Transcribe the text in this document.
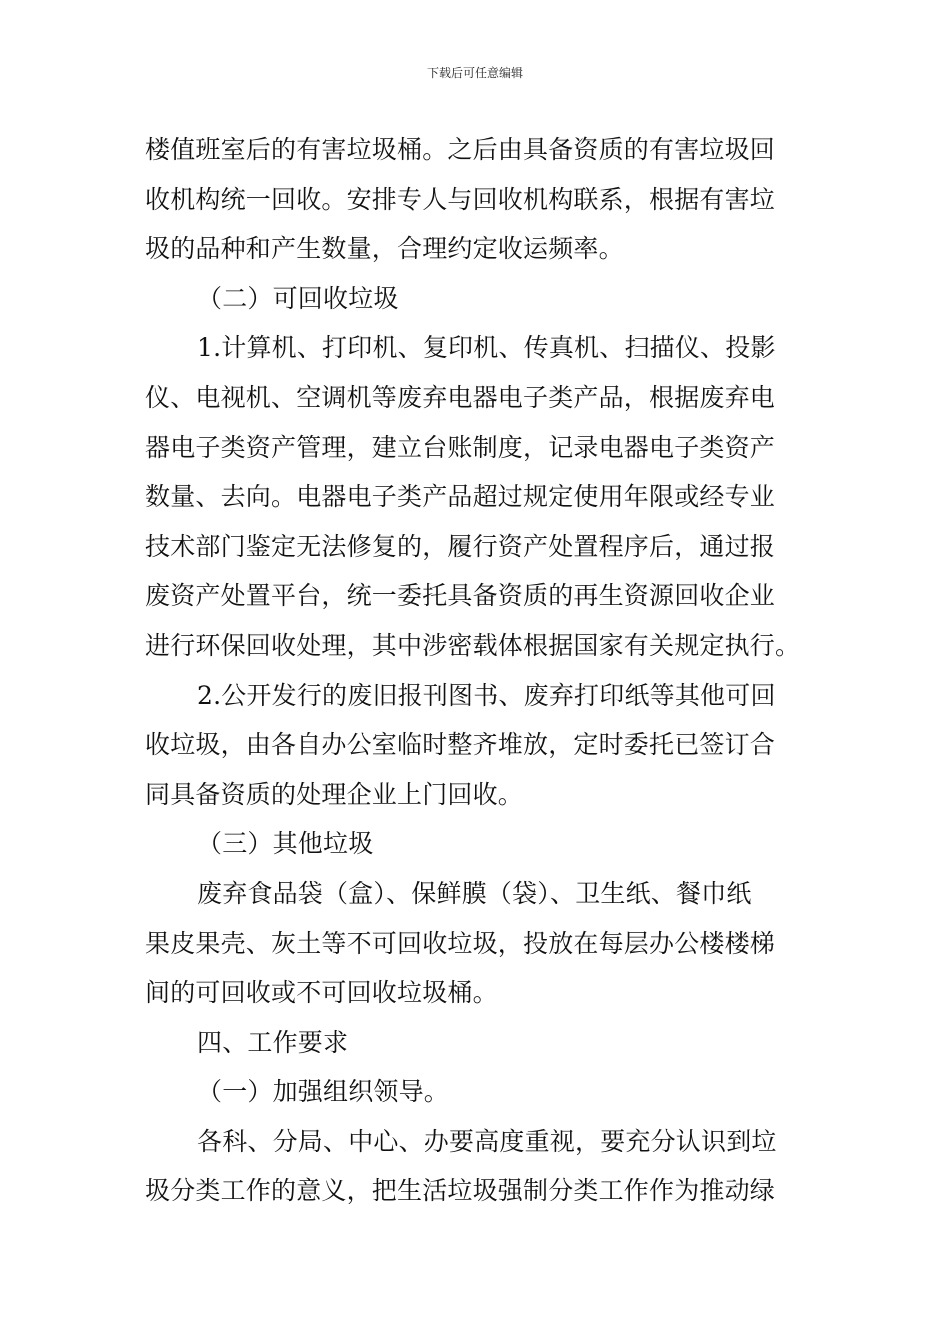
下载后可任意编辑
楼值班室后的有害垃圾桶。之后由具备资质的有害垃圾回
收机构统一回收。安排专人与回收机构联系，根据有害垃
圾的品种和产生数量，合理约定收运频率。
（二）可回收垃圾
1.计算机、打印机、复印机、传真机、扫描仪、投影
仪、电视机、空调机等废弃电器电子类产品，根据废弃电
器电子类资产管理，建立台账制度，记录电器电子类资产
数量、去向。电器电子类产品超过规定使用年限或经专业
技术部门鉴定无法修复的，履行资产处置程序后，通过报
废资产处置平台，统一委托具备资质的再生资源回收企业
进行环保回收处理，其中涉密载体根据国家有关规定执行。
2.公开发行的废旧报刊图书、废弃打印纸等其他可回
收垃圾，由各自办公室临时整齐堆放，定时委托已签订合
同具备资质的处理企业上门回收。
（三）其他垃圾
废弃食品袋（盒）、保鲜膜（袋）、卫生纸、餐巾纸
果皮果壳、灰土等不可回收垃圾，投放在每层办公楼楼梯
间的可回收或不可回收垃圾桶。
四、工作要求
（一）加强组织领导。
各科、分局、中心、办要高度重视，要充分认识到垃
圾分类工作的意义，把生活垃圾强制分类工作作为推动绿
